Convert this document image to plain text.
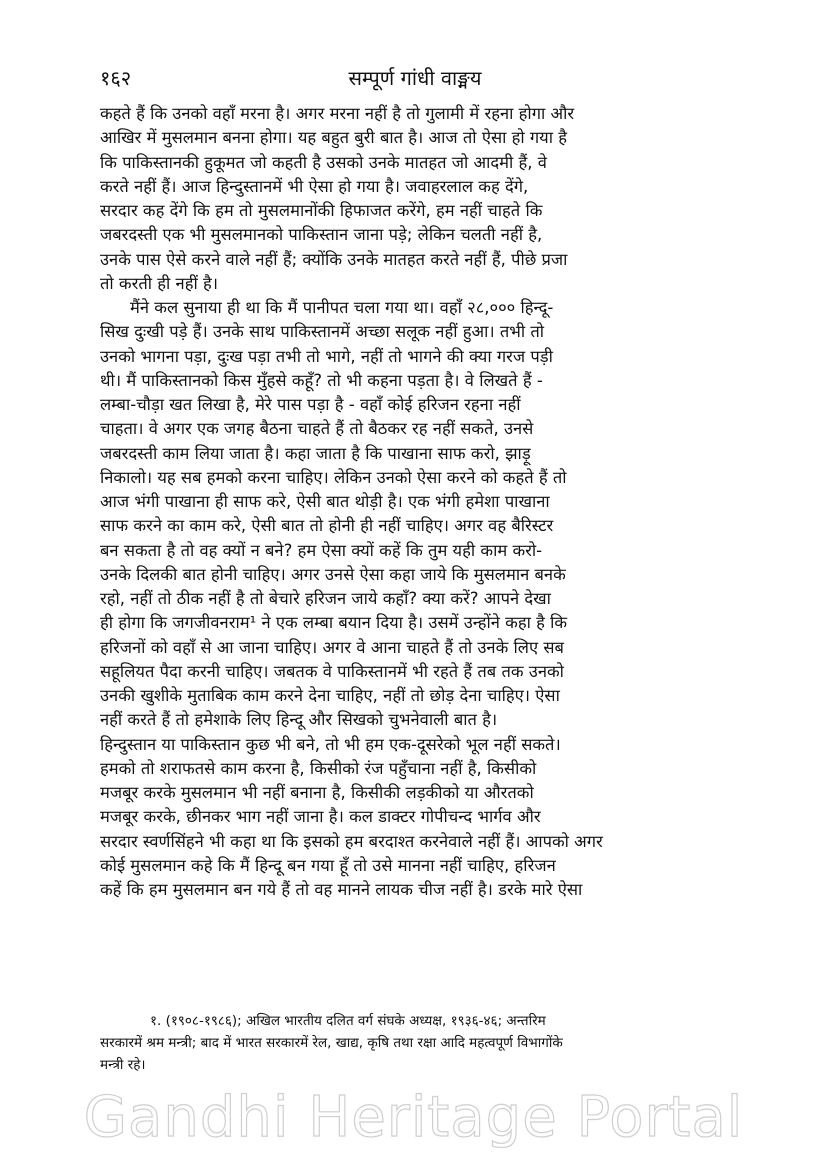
१६२	सम्पूर्ण गांधी वाङ्मय
कहते हैं कि उनको वहाँ मरना है। अगर मरना नहीं है तो गुलामी में रहना होगा और
आखिर में मुसलमान बनना होगा। यह बहुत बुरी बात है। आज तो ऐसा हो गया है
कि पाकिस्तानकी हुकूमत जो कहती है उसको उनके मातहत जो आदमी हैं, वे
करते नहीं हैं। आज हिन्दुस्तानमें भी ऐसा हो गया है। जवाहरलाल कह देंगे,
सरदार कह देंगे कि हम तो मुसलमानोंकी हिफाजत करेंगे, हम नहीं चाहते कि
जबरदस्ती एक भी मुसलमानको पाकिस्तान जाना पड़े; लेकिन चलती नहीं है,
उनके पास ऐसे करने वाले नहीं हैं; क्योंकि उनके मातहत करते नहीं हैं, पीछे प्रजा
तो करती ही नहीं है।
मैंने कल सुनाया ही था कि मैं पानीपत चला गया था। वहाँ २८,००० हिन्दू-
सिख दुःखी पड़े हैं। उनके साथ पाकिस्तानमें अच्छा सलूक नहीं हुआ। तभी तो
उनको भागना पड़ा, दुःख पड़ा तभी तो भागे, नहीं तो भागने की क्या गरज पड़ी
थी। मैं पाकिस्तानको किस मुँहसे कहूँ? तो भी कहना पड़ता है। वे लिखते हैं -
लम्बा-चौड़ा खत लिखा है, मेरे पास पड़ा है - वहाँ कोई हरिजन रहना नहीं
चाहता। वे अगर एक जगह बैठना चाहते हैं तो बैठकर रह नहीं सकते, उनसे
जबरदस्ती काम लिया जाता है। कहा जाता है कि पाखाना साफ करो, झाड़ू
निकालो। यह सब हमको करना चाहिए। लेकिन उनको ऐसा करने को कहते हैं तो
आज भंगी पाखाना ही साफ करे, ऐसी बात थोड़ी है। एक भंगी हमेशा पाखाना
साफ करने का काम करे, ऐसी बात तो होनी ही नहीं चाहिए। अगर वह बैरिस्टर
बन सकता है तो वह क्यों न बने? हम ऐसा क्यों कहें कि तुम यही काम करो-
उनके दिलकी बात होनी चाहिए। अगर उनसे ऐसा कहा जाये कि मुसलमान बनके
रहो, नहीं तो ठीक नहीं है तो बेचारे हरिजन जाये कहाँ? क्या करें? आपने देखा
ही होगा कि जगजीवनराम¹ ने एक लम्बा बयान दिया है। उसमें उन्होंने कहा है कि
हरिजनों को वहाँ से आ जाना चाहिए। अगर वे आना चाहते हैं तो उनके लिए सब
सहूलियत पैदा करनी चाहिए। जबतक वे पाकिस्तानमें भी रहते हैं तब तक उनको
उनकी खुशीके मुताबिक काम करने देना चाहिए, नहीं तो छोड़ देना चाहिए। ऐसा
नहीं करते हैं तो हमेशाके लिए हिन्दू और सिखको चुभनेवाली बात है।
हिन्दुस्तान या पाकिस्तान कुछ भी बने, तो भी हम एक-दूसरेको भूल नहीं सकते।
हमको तो शराफतसे काम करना है, किसीको रंज पहुँचाना नहीं है, किसीको
मजबूर करके मुसलमान भी नहीं बनाना है, किसीकी लड़कीको या औरतको
मजबूर करके, छीनकर भाग नहीं जाना है। कल डाक्टर गोपीचन्द भार्गव और
सरदार स्वर्णसिंहने भी कहा था कि इसको हम बरदाश्त करनेवाले नहीं हैं। आपको अगर
कोई मुसलमान कहे कि मैं हिन्दू बन गया हूँ तो उसे मानना नहीं चाहिए, हरिजन
कहें कि हम मुसलमान बन गये हैं तो वह मानने लायक चीज नहीं है। डरके मारे ऐसा
१. (१९०८-१९८६); अखिल भारतीय दलित वर्ग संघके अध्यक्ष, १९३६-४६; अन्तरिम
सरकारमें श्रम मन्त्री; बाद में भारत सरकारमें रेल, खाद्य, कृषि तथा रक्षा आदि महत्वपूर्ण विभागोंके
मन्त्री रहे।
Gandhi Heritage Portal
